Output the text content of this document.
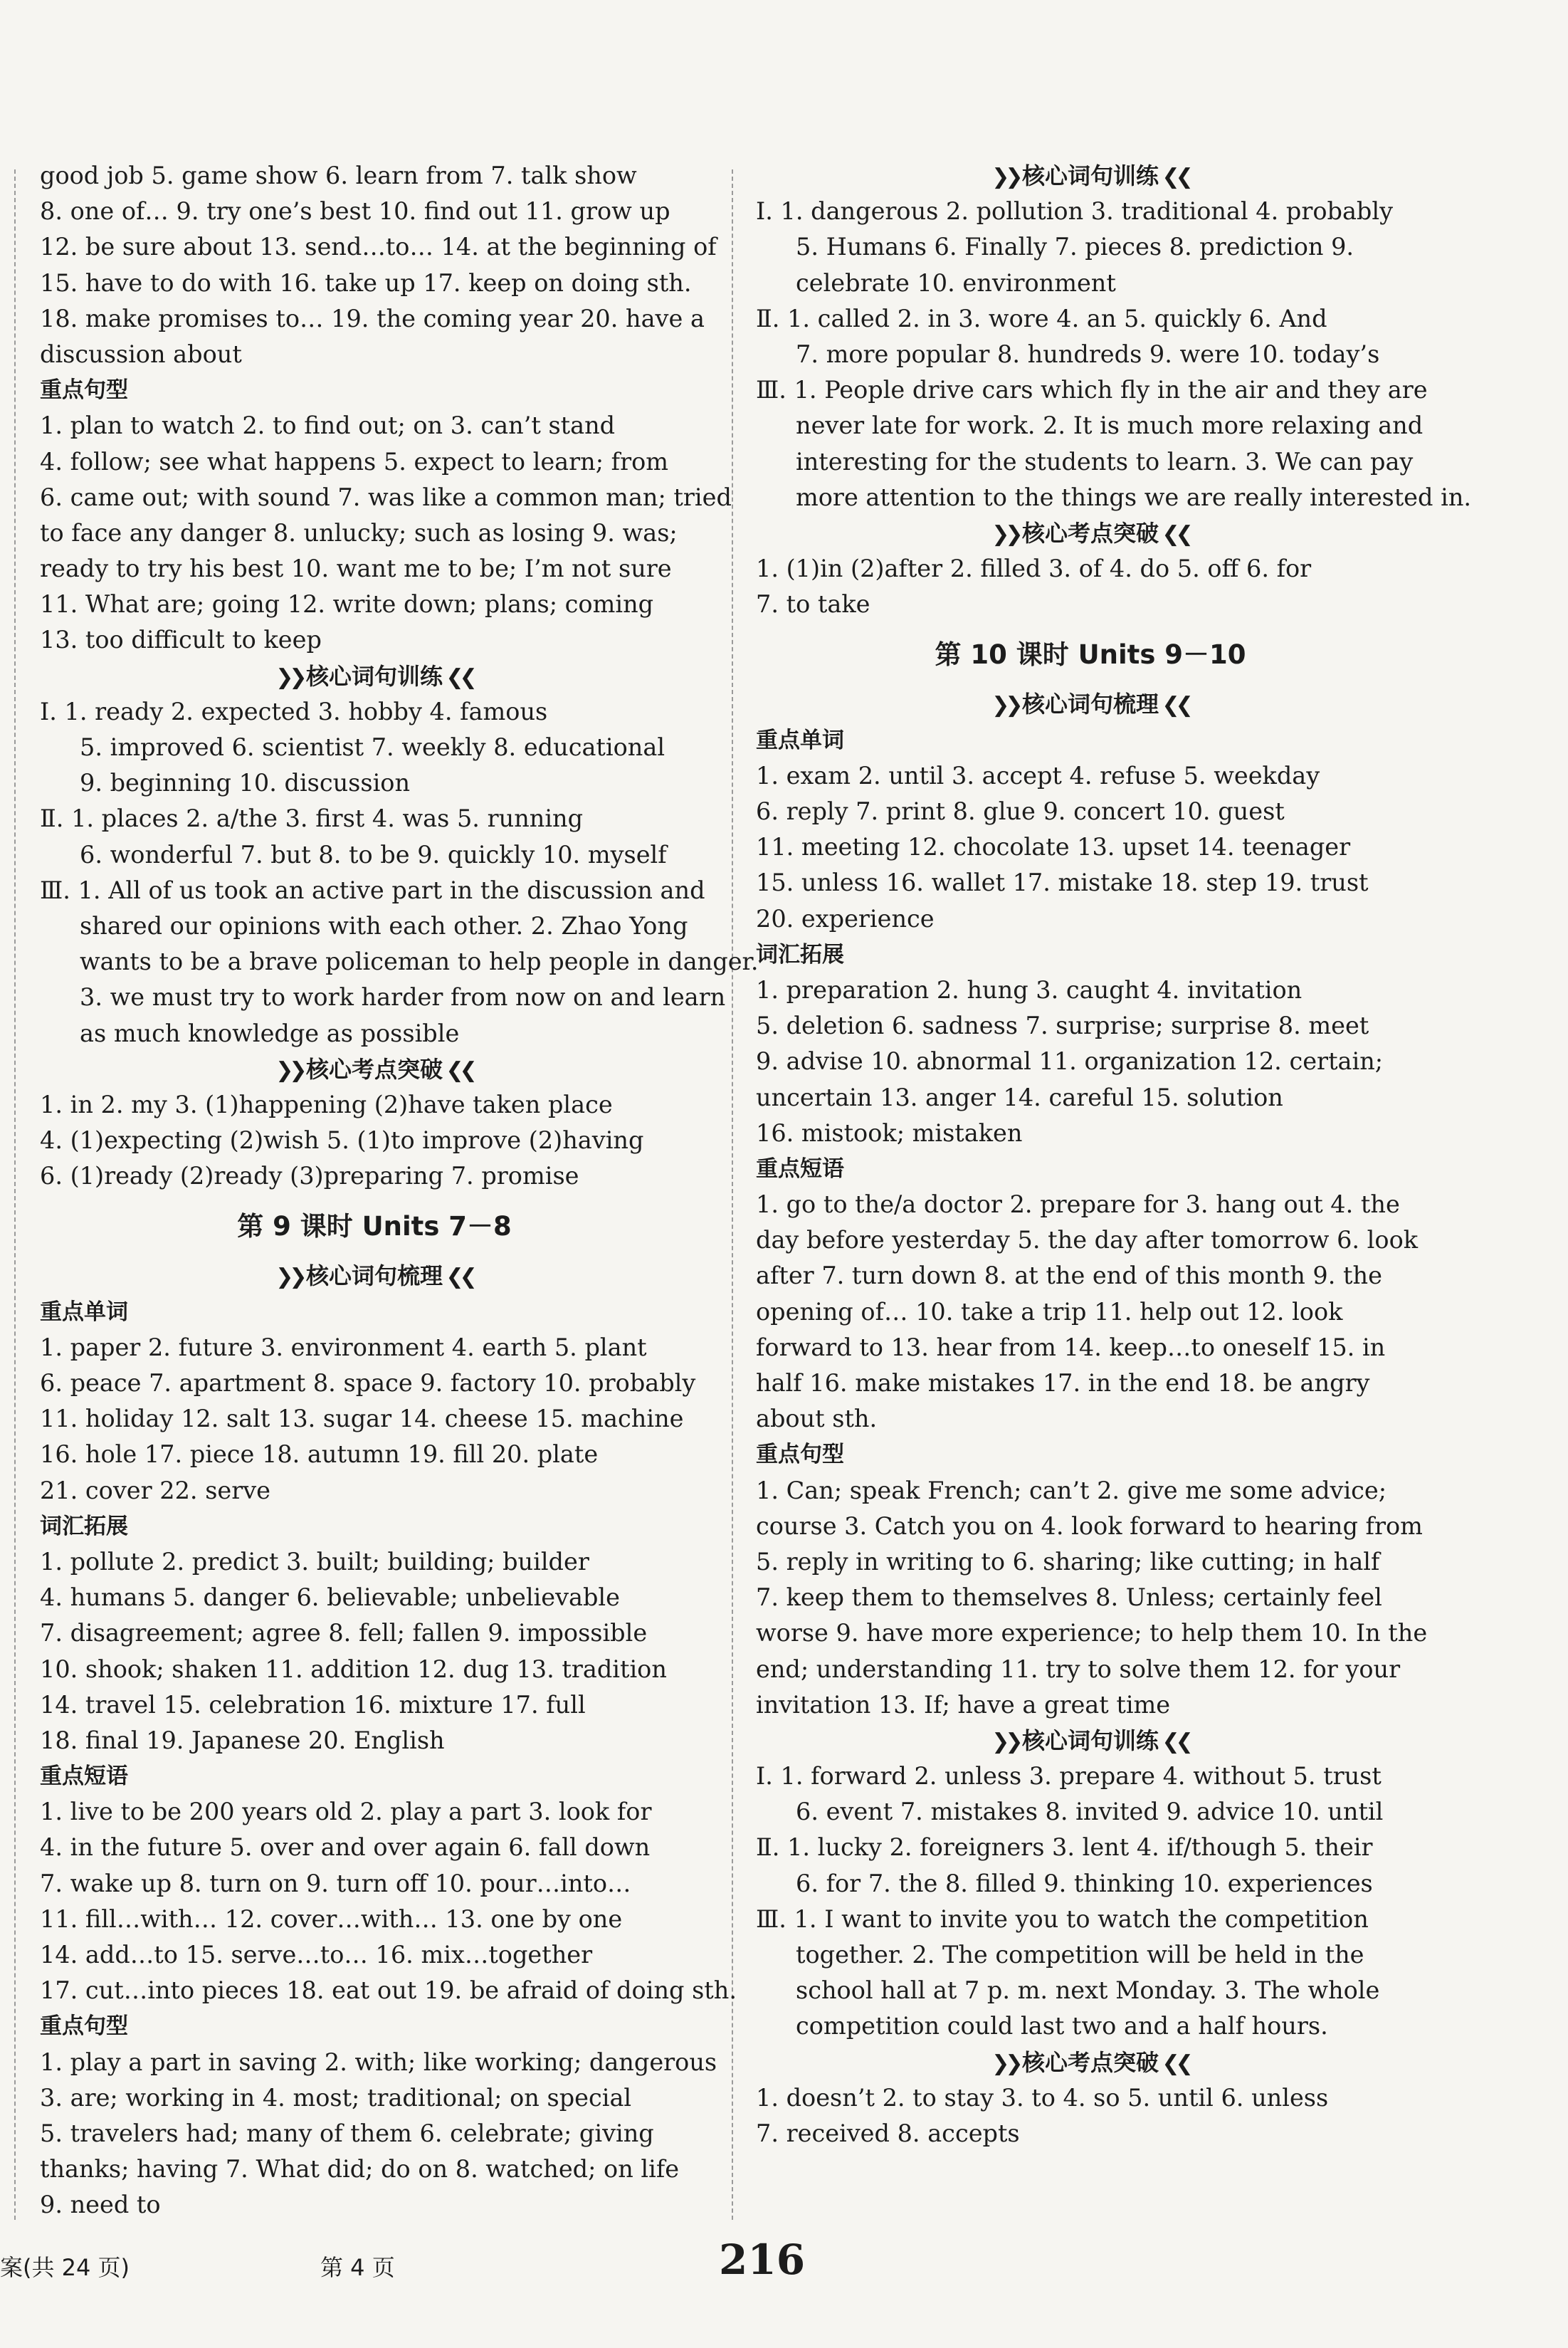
good job 5. game show 6. learn from 7. talk show
8. one of… 9. try one’s best 10. find out 11. grow up
12. be sure about 13. send…to… 14. at the beginning of
15. have to do with 16. take up 17. keep on doing sth.
18. make promises to… 19. the coming year 20. have a
discussion about
重点句型
1. plan to watch 2. to find out; on 3. can’t stand
4. follow; see what happens 5. expect to learn; from
6. came out; with sound 7. was like a common man; tried
to face any danger 8. unlucky; such as losing 9. was;
ready to try his best 10. want me to be; I’m not sure
11. What are; going 12. write down; plans; coming
13. too difficult to keep
❯❯ 核心词句训练 ❮❮
Ⅰ. 1. ready 2. expected 3. hobby 4. famous
5. improved 6. scientist 7. weekly 8. educational
9. beginning 10. discussion
Ⅱ. 1. places 2. a/the 3. first 4. was 5. running
6. wonderful 7. but 8. to be 9. quickly 10. myself
Ⅲ. 1. All of us took an active part in the discussion and
shared our opinions with each other. 2. Zhao Yong
wants to be a brave policeman to help people in danger.
3. we must try to work harder from now on and learn
as much knowledge as possible
❯❯ 核心考点突破 ❮❮
1. in 2. my 3. (1)happening (2)have taken place
4. (1)expecting (2)wish 5. (1)to improve (2)having
6. (1)ready (2)ready (3)preparing 7. promise
第 9 课时 Units 7－8
❯❯ 核心词句梳理 ❮❮
重点单词
1. paper 2. future 3. environment 4. earth 5. plant
6. peace 7. apartment 8. space 9. factory 10. probably
11. holiday 12. salt 13. sugar 14. cheese 15. machine
16. hole 17. piece 18. autumn 19. fill 20. plate
21. cover 22. serve
词汇拓展
1. pollute 2. predict 3. built; building; builder
4. humans 5. danger 6. believable; unbelievable
7. disagreement; agree 8. fell; fallen 9. impossible
10. shook; shaken 11. addition 12. dug 13. tradition
14. travel 15. celebration 16. mixture 17. full
18. final 19. Japanese 20. English
重点短语
1. live to be 200 years old 2. play a part 3. look for
4. in the future 5. over and over again 6. fall down
7. wake up 8. turn on 9. turn off 10. pour…into…
11. fill…with… 12. cover…with… 13. one by one
14. add…to 15. serve…to… 16. mix…together
17. cut…into pieces 18. eat out 19. be afraid of doing sth.
重点句型
1. play a part in saving 2. with; like working; dangerous
3. are; working in 4. most; traditional; on special
5. travelers had; many of them 6. celebrate; giving
thanks; having 7. What did; do on 8. watched; on life
9. need to
❯❯ 核心词句训练 ❮❮
Ⅰ. 1. dangerous 2. pollution 3. traditional 4. probably
5. Humans 6. Finally 7. pieces 8. prediction 9.
celebrate 10. environment
Ⅱ. 1. called 2. in 3. wore 4. an 5. quickly 6. And
7. more popular 8. hundreds 9. were 10. today’s
Ⅲ. 1. People drive cars which fly in the air and they are
never late for work. 2. It is much more relaxing and
interesting for the students to learn. 3. We can pay
more attention to the things we are really interested in.
❯❯ 核心考点突破 ❮❮
1. (1)in (2)after 2. filled 3. of 4. do 5. off 6. for
7. to take
第 10 课时 Units 9－10
❯❯ 核心词句梳理 ❮❮
重点单词
1. exam 2. until 3. accept 4. refuse 5. weekday
6. reply 7. print 8. glue 9. concert 10. guest
11. meeting 12. chocolate 13. upset 14. teenager
15. unless 16. wallet 17. mistake 18. step 19. trust
20. experience
词汇拓展
1. preparation 2. hung 3. caught 4. invitation
5. deletion 6. sadness 7. surprise; surprise 8. meet
9. advise 10. abnormal 11. organization 12. certain;
uncertain 13. anger 14. careful 15. solution
16. mistook; mistaken
重点短语
1. go to the/a doctor 2. prepare for 3. hang out 4. the
day before yesterday 5. the day after tomorrow 6. look
after 7. turn down 8. at the end of this month 9. the
opening of… 10. take a trip 11. help out 12. look
forward to 13. hear from 14. keep…to oneself 15. in
half 16. make mistakes 17. in the end 18. be angry
about sth.
重点句型
1. Can; speak French; can’t 2. give me some advice;
course 3. Catch you on 4. look forward to hearing from
5. reply in writing to 6. sharing; like cutting; in half
7. keep them to themselves 8. Unless; certainly feel
worse 9. have more experience; to help them 10. In the
end; understanding 11. try to solve them 12. for your
invitation 13. If; have a great time
❯❯ 核心词句训练 ❮❮
Ⅰ. 1. forward 2. unless 3. prepare 4. without 5. trust
6. event 7. mistakes 8. invited 9. advice 10. until
Ⅱ. 1. lucky 2. foreigners 3. lent 4. if/though 5. their
6. for 7. the 8. filled 9. thinking 10. experiences
Ⅲ. 1. I want to invite you to watch the competition
together. 2. The competition will be held in the
school hall at 7 p. m. next Monday. 3. The whole
competition could last two and a half hours.
❯❯ 核心考点突破 ❮❮
1. doesn’t 2. to stay 3. to 4. so 5. until 6. unless
7. received 8. accepts
案(共 24 页)	第 4 页	216
